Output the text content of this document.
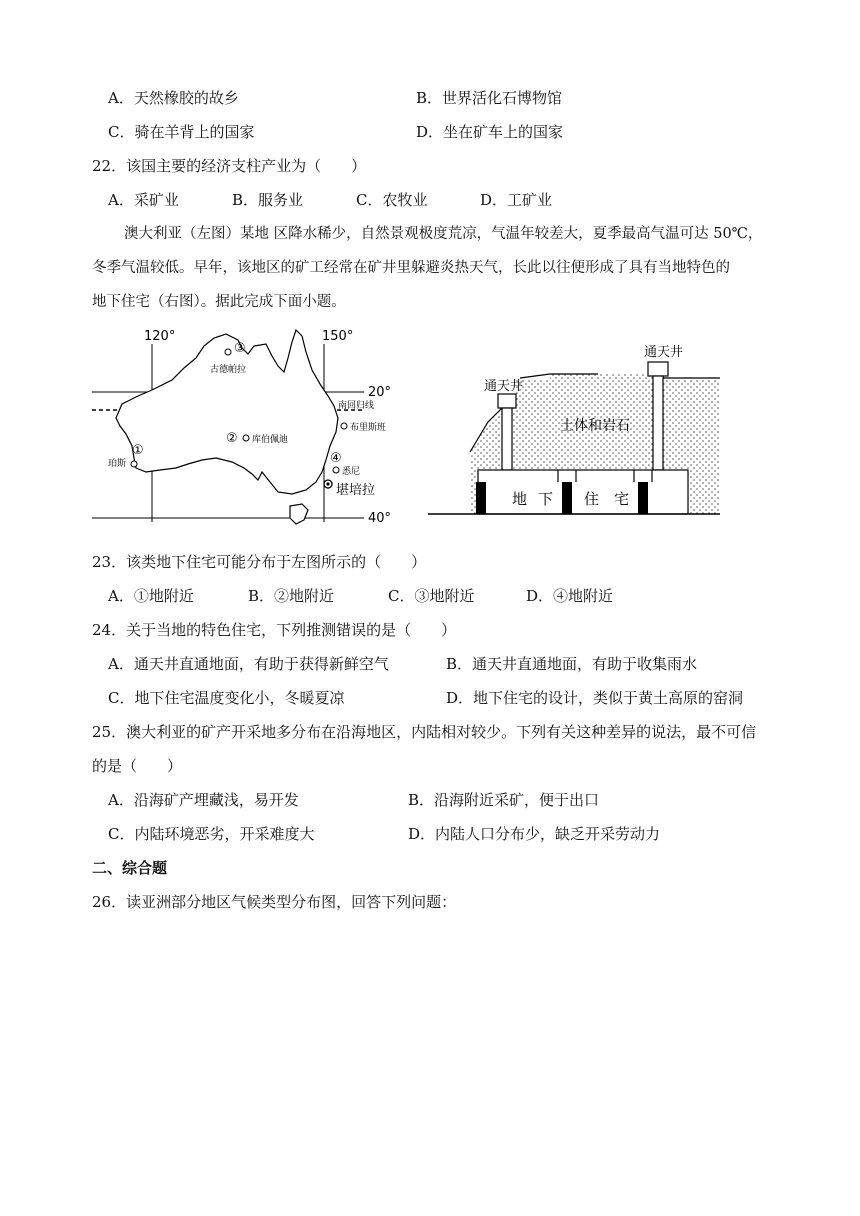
A．天然橡胶的故乡	B．世界活化石博物馆
C．骑在羊背上的国家	D．坐在矿车上的国家
22．该国主要的经济支柱产业为（　　）
A．采矿业	B．服务业	C．农牧业	D．工矿业
澳大利亚（左图）某地 区降水稀少，自然景观极度荒凉，气温年较差大，夏季最高气温可达 50℃，
冬季气温较低。早年，该地区的矿工经常在矿井里躲避炎热天气，长此以往便形成了具有当地特色的
地下住宅（右图）。据此完成下面小题。
120°	150°
20°
40°
南回归线
③
古德帕拉
② 库伯佩迪
①
珀斯
布里斯班
④
悉尼
堪培拉
通天井
通天井
土体和岩石
地 下 住 宅
23．该类地下住宅可能分布于左图所示的（　　）
A．①地附近	B．②地附近	C．③地附近	D．④地附近
24．关于当地的特色住宅，下列推测错误的是（　　）
A．通天井直通地面，有助于获得新鲜空气	B．通天井直通地面，有助于收集雨水
C．地下住宅温度变化小，冬暖夏凉	D．地下住宅的设计，类似于黄土高原的窑洞
25．澳大利亚的矿产开采地多分布在沿海地区，内陆相对较少。下列有关这种差异的说法，最不可信
的是（　　）
A．沿海矿产埋藏浅，易开发	B．沿海附近采矿，便于出口
C．内陆环境恶劣，开采难度大	D．内陆人口分布少，缺乏开采劳动力
二、综合题
26．读亚洲部分地区气候类型分布图，回答下列问题：
